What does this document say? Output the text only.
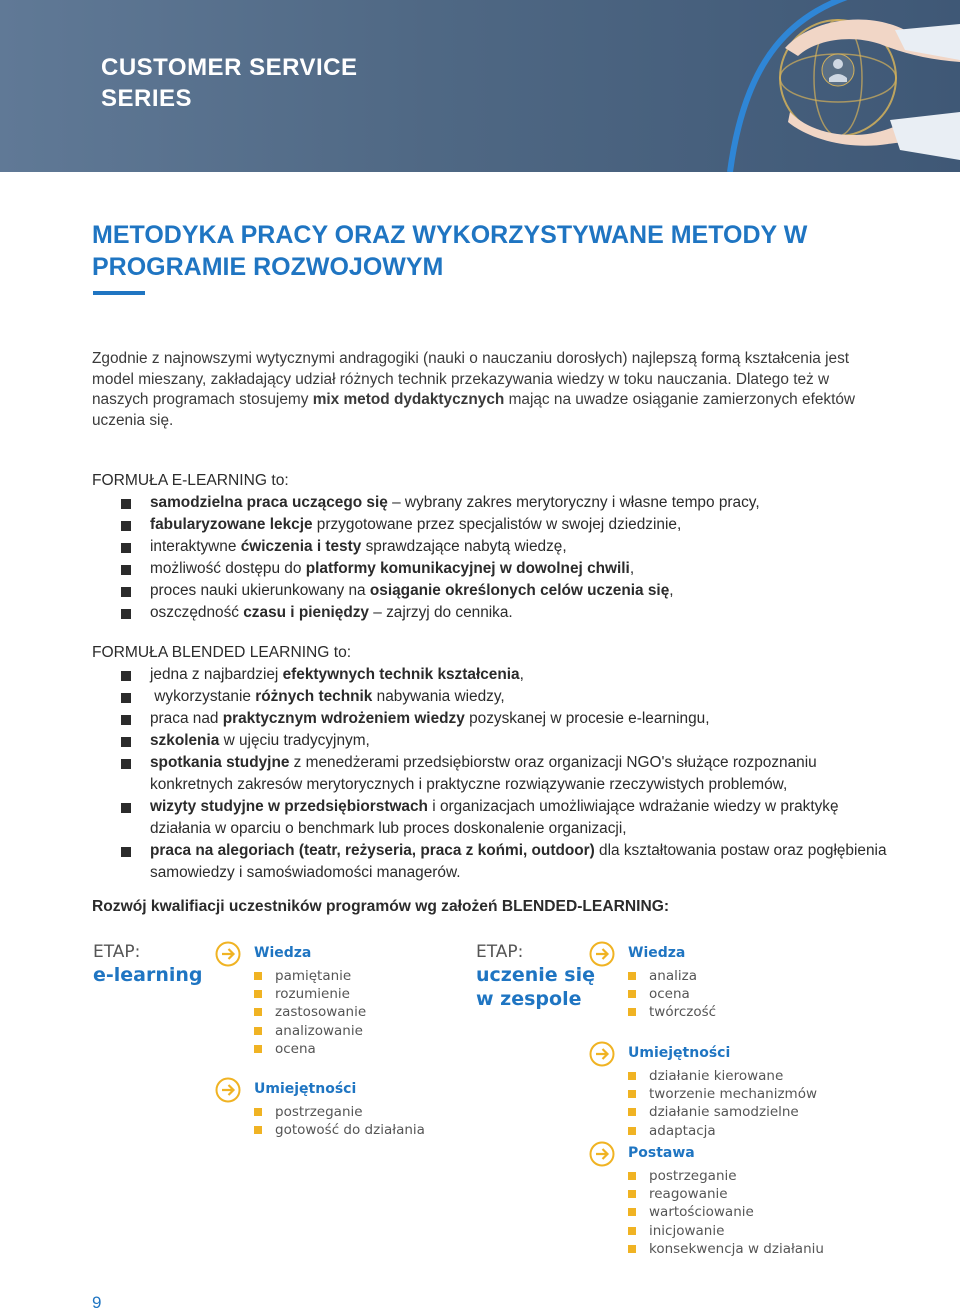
CUSTOMER SERVICE SERIES
METODYKA PRACY ORAZ WYKORZYSTYWANE METODY W PROGRAMIE ROZWOJOWYM

Zgodnie z najnowszymi wytycznymi andragogiki (nauki o nauczaniu dorosłych) najlepszą formą kształcenia jest model mieszany, zakładający udział różnych technik przekazywania wiedzy w toku nauczania. Dlatego też w naszych programach stosujemy mix metod dydaktycznych mając na uwadze osiąganie zamierzonych efektów uczenia się.

FORMUŁA E-LEARNING to:
samodzielna praca uczącego się – wybrany zakres merytoryczny i własne tempo pracy,
fabularyzowane lekcje przygotowane przez specjalistów w swojej dziedzinie,
interaktywne ćwiczenia i testy sprawdzające nabytą wiedzę,
możliwość dostępu do platformy komunikacyjnej w dowolnej chwili,
proces nauki ukierunkowany na osiąganie określonych celów uczenia się,
oszczędność czasu i pieniędzy – zajrzyj do cennika.
FORMUŁA BLENDED LEARNING to:
jedna z najbardziej efektywnych technik kształcenia,
wykorzystanie różnych technik nabywania wiedzy,
praca nad praktycznym wdrożeniem wiedzy pozyskanej w procesie e-learningu,
szkolenia w ujęciu tradycyjnym,
spotkania studyjne z menedżerami przedsiębiorstw oraz organizacji NGO's służące rozpoznaniu konkretnych zakresów merytorycznych i praktyczne rozwiązywanie rzeczywistych problemów,
wizyty studyjne w przedsiębiorstwach i organizacjach umożliwiające wdrażanie wiedzy w praktykę działania w oparciu o benchmark lub proces doskonalenie organizacji,
praca na alegoriach (teatr, reżyseria, praca z końmi, outdoor) dla kształtowania postaw oraz pogłębienia samowiedzy i samoświadomości managerów.
Rozwój kwalifiacji uczestników programów wg założeń BLENDED-LEARNING:
ETAP:
e-learning
Wiedza
pamiętanie
rozumienie
zastosowanie
analizowanie
ocena
Umiejętności
postrzeganie
gotowość do działania
ETAP:
uczenie się
w zespole
Wiedza
analiza
ocena
twórczość
Umiejętności
działanie kierowane
tworzenie mechanizmów
działanie samodzielne
adaptacja
Postawa
postrzeganie
reagowanie
wartościowanie
inicjowanie
konsekwencja w działaniu
9
